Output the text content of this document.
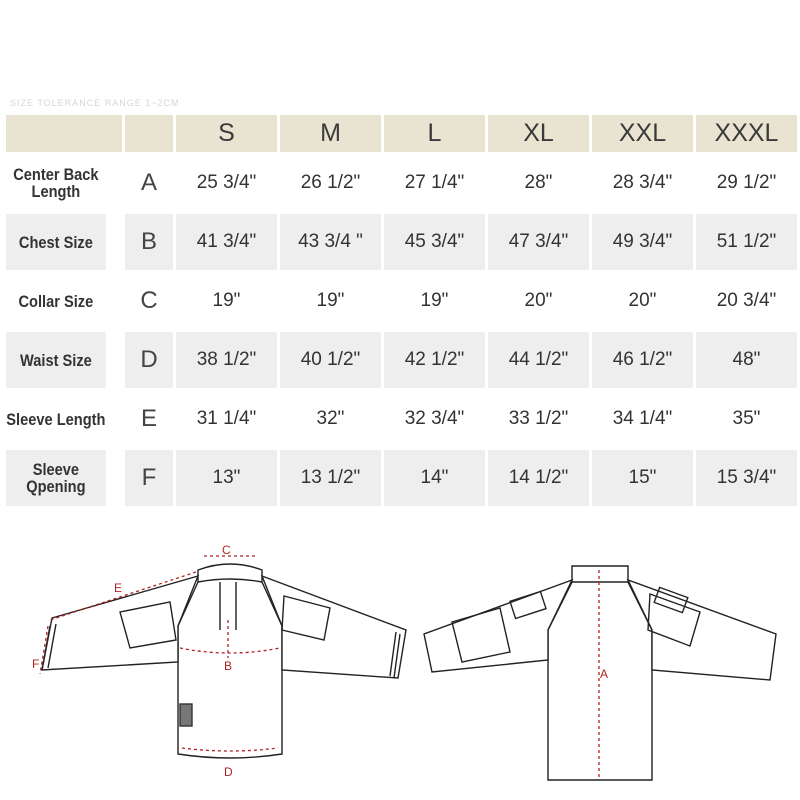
SIZE TOLERANCE RANGE 1~2CM
		S	M	L	XL	XXL	XXXL
Center Back
Length	A	25 3/4"	26 1/2"	27 1/4"	28"	28 3/4"	29 1/2"
Chest Size	B	41 3/4"	43 3/4 "	45 3/4"	47 3/4"	49 3/4"	51 1/2"
Collar Size	C	19"	19"	19"	20"	20"	20 3/4"
Waist Size	D	38 1/2"	40 1/2"	42 1/2"	44 1/2"	46 1/2"	48"
Sleeve Length	E	31 1/4"	32"	32 3/4"	33 1/2"	34 1/4"	35"
Sleeve
Qpening	F	13"	13 1/2"	14"	14 1/2"	15"	15 3/4"
C
E
B
F
D
A
